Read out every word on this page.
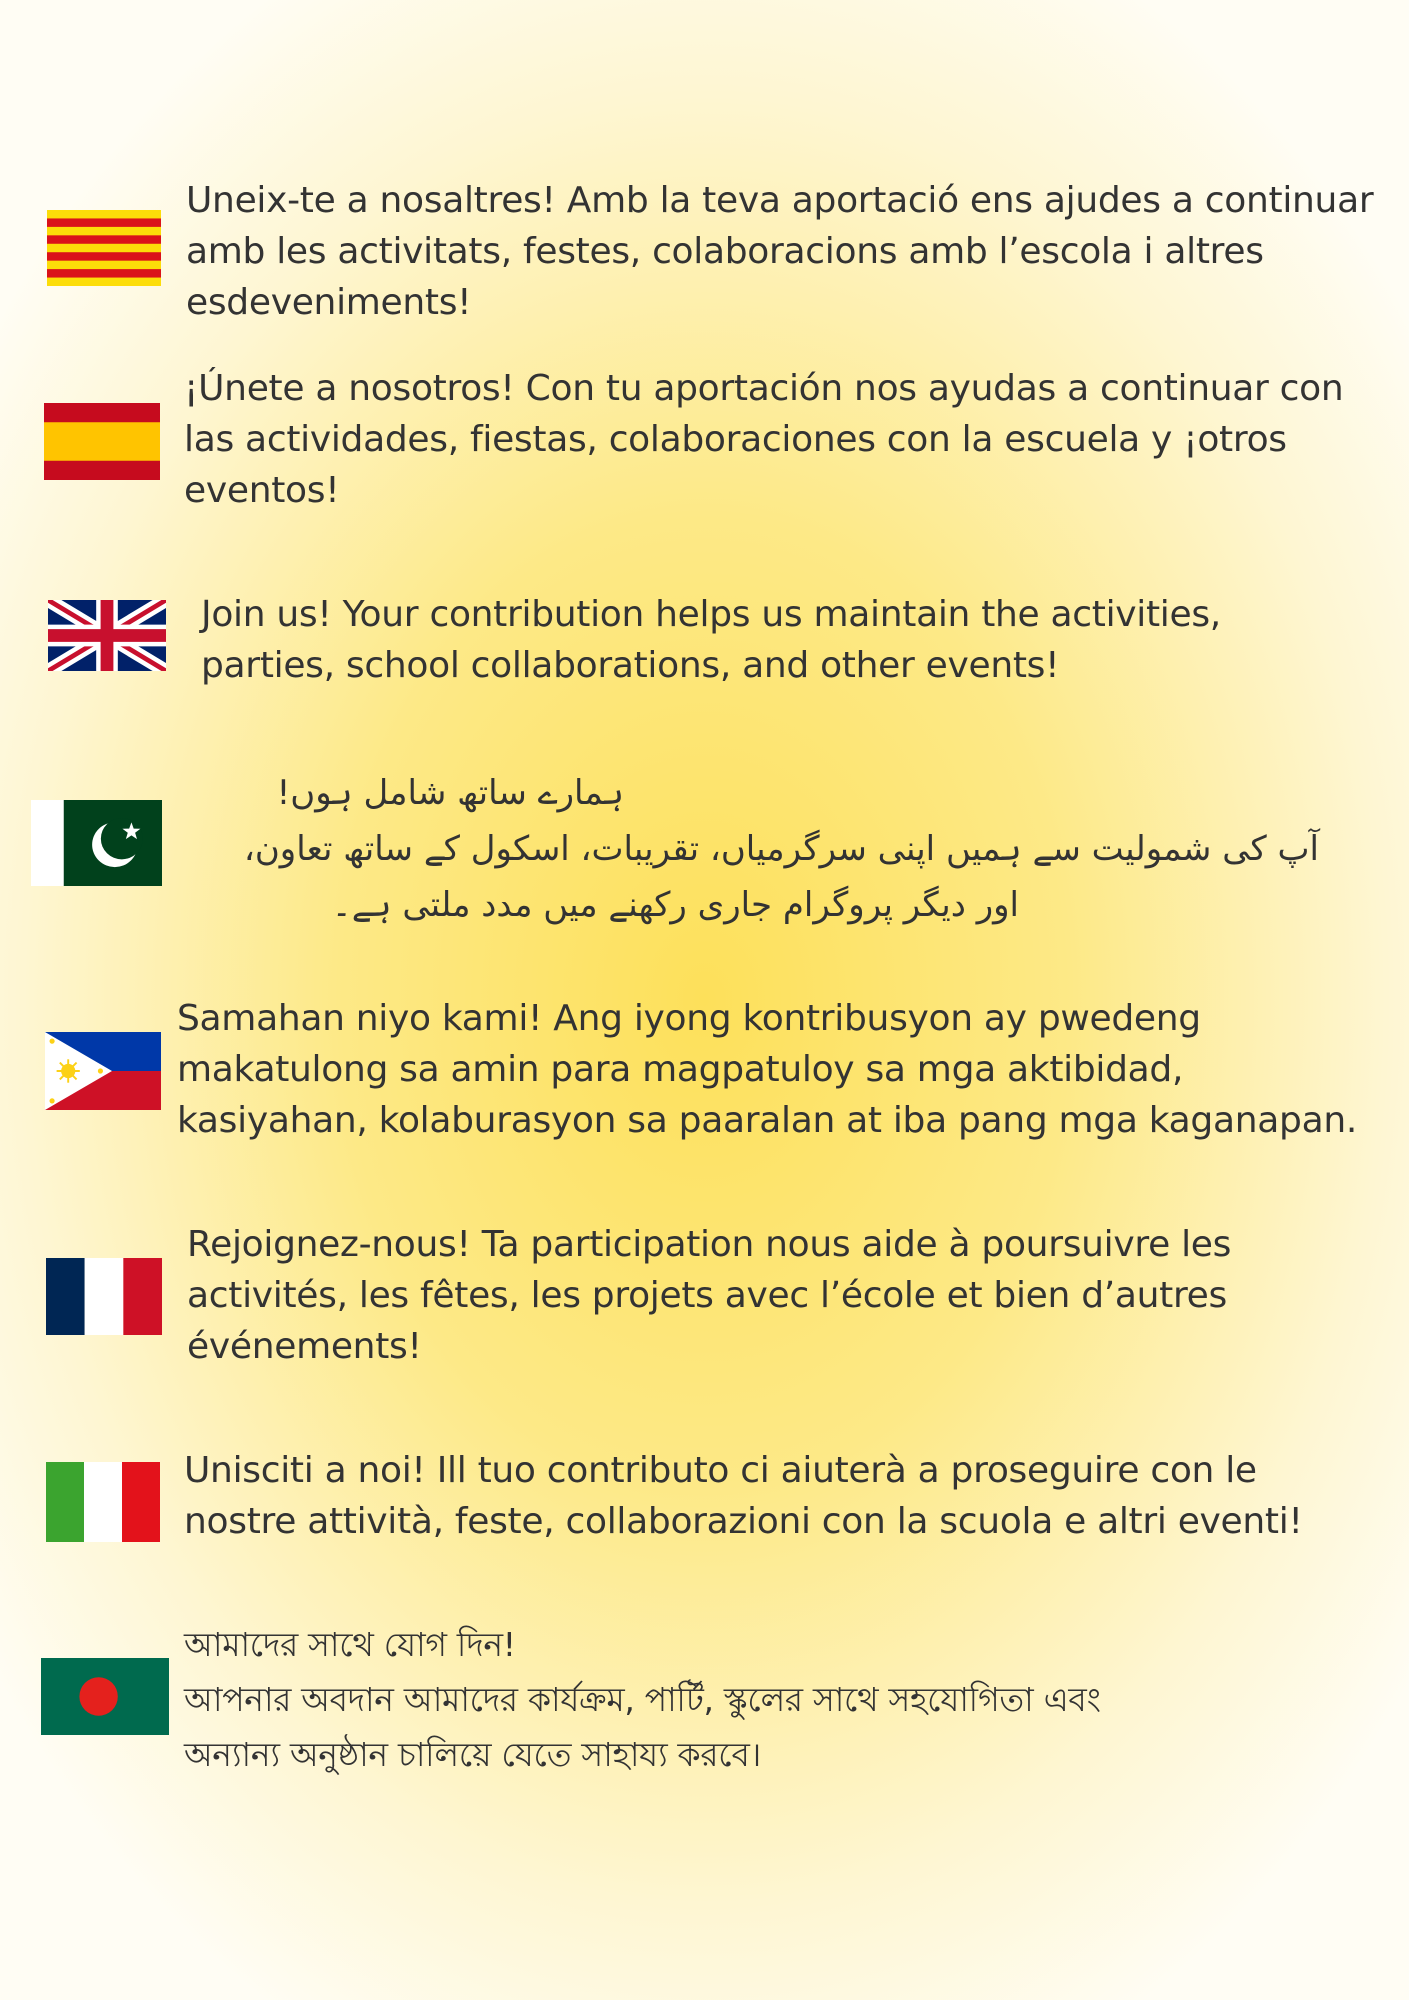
Uneix-te a nosaltres! Amb la teva aportació ens ajudes a continuar
amb les activitats, festes, colaboracions amb l’escola i altres
esdeveniments!
¡Únete a nosotros! Con tu aportación nos ayudas a continuar con
las actividades, fiestas, colaboraciones con la escuela y ¡otros
eventos!
Join us! Your contribution helps us maintain the activities,
parties, school collaborations, and other events!
ہمارے ساتھ شامل ہوں!
آپ کی شمولیت سے ہمیں اپنی سرگرمیاں، تقریبات، اسکول کے ساتھ تعاون،
اور دیگر پروگرام جاری رکھنے میں مدد ملتی ہے۔
Samahan niyo kami! Ang iyong kontribusyon ay pwedeng
makatulong sa amin para magpatuloy sa mga aktibidad,
kasiyahan, kolaburasyon sa paaralan at iba pang mga kaganapan.
Rejoignez-nous! Ta participation nous aide à poursuivre les
activités, les fêtes, les projets avec l’école et bien d’autres
événements!
Unisciti a noi! Ill tuo contributo ci aiuterà a proseguire con le
nostre attività, feste, collaborazioni con la scuola e altri eventi!
আমাদের সাথে যোগ দিন!
আপনার অবদান আমাদের কার্যক্রম, পার্টি, স্কুলের সাথে সহযোগিতা এবং
অন্যান্য অনুষ্ঠান চালিয়ে যেতে সাহায্য করবে।
